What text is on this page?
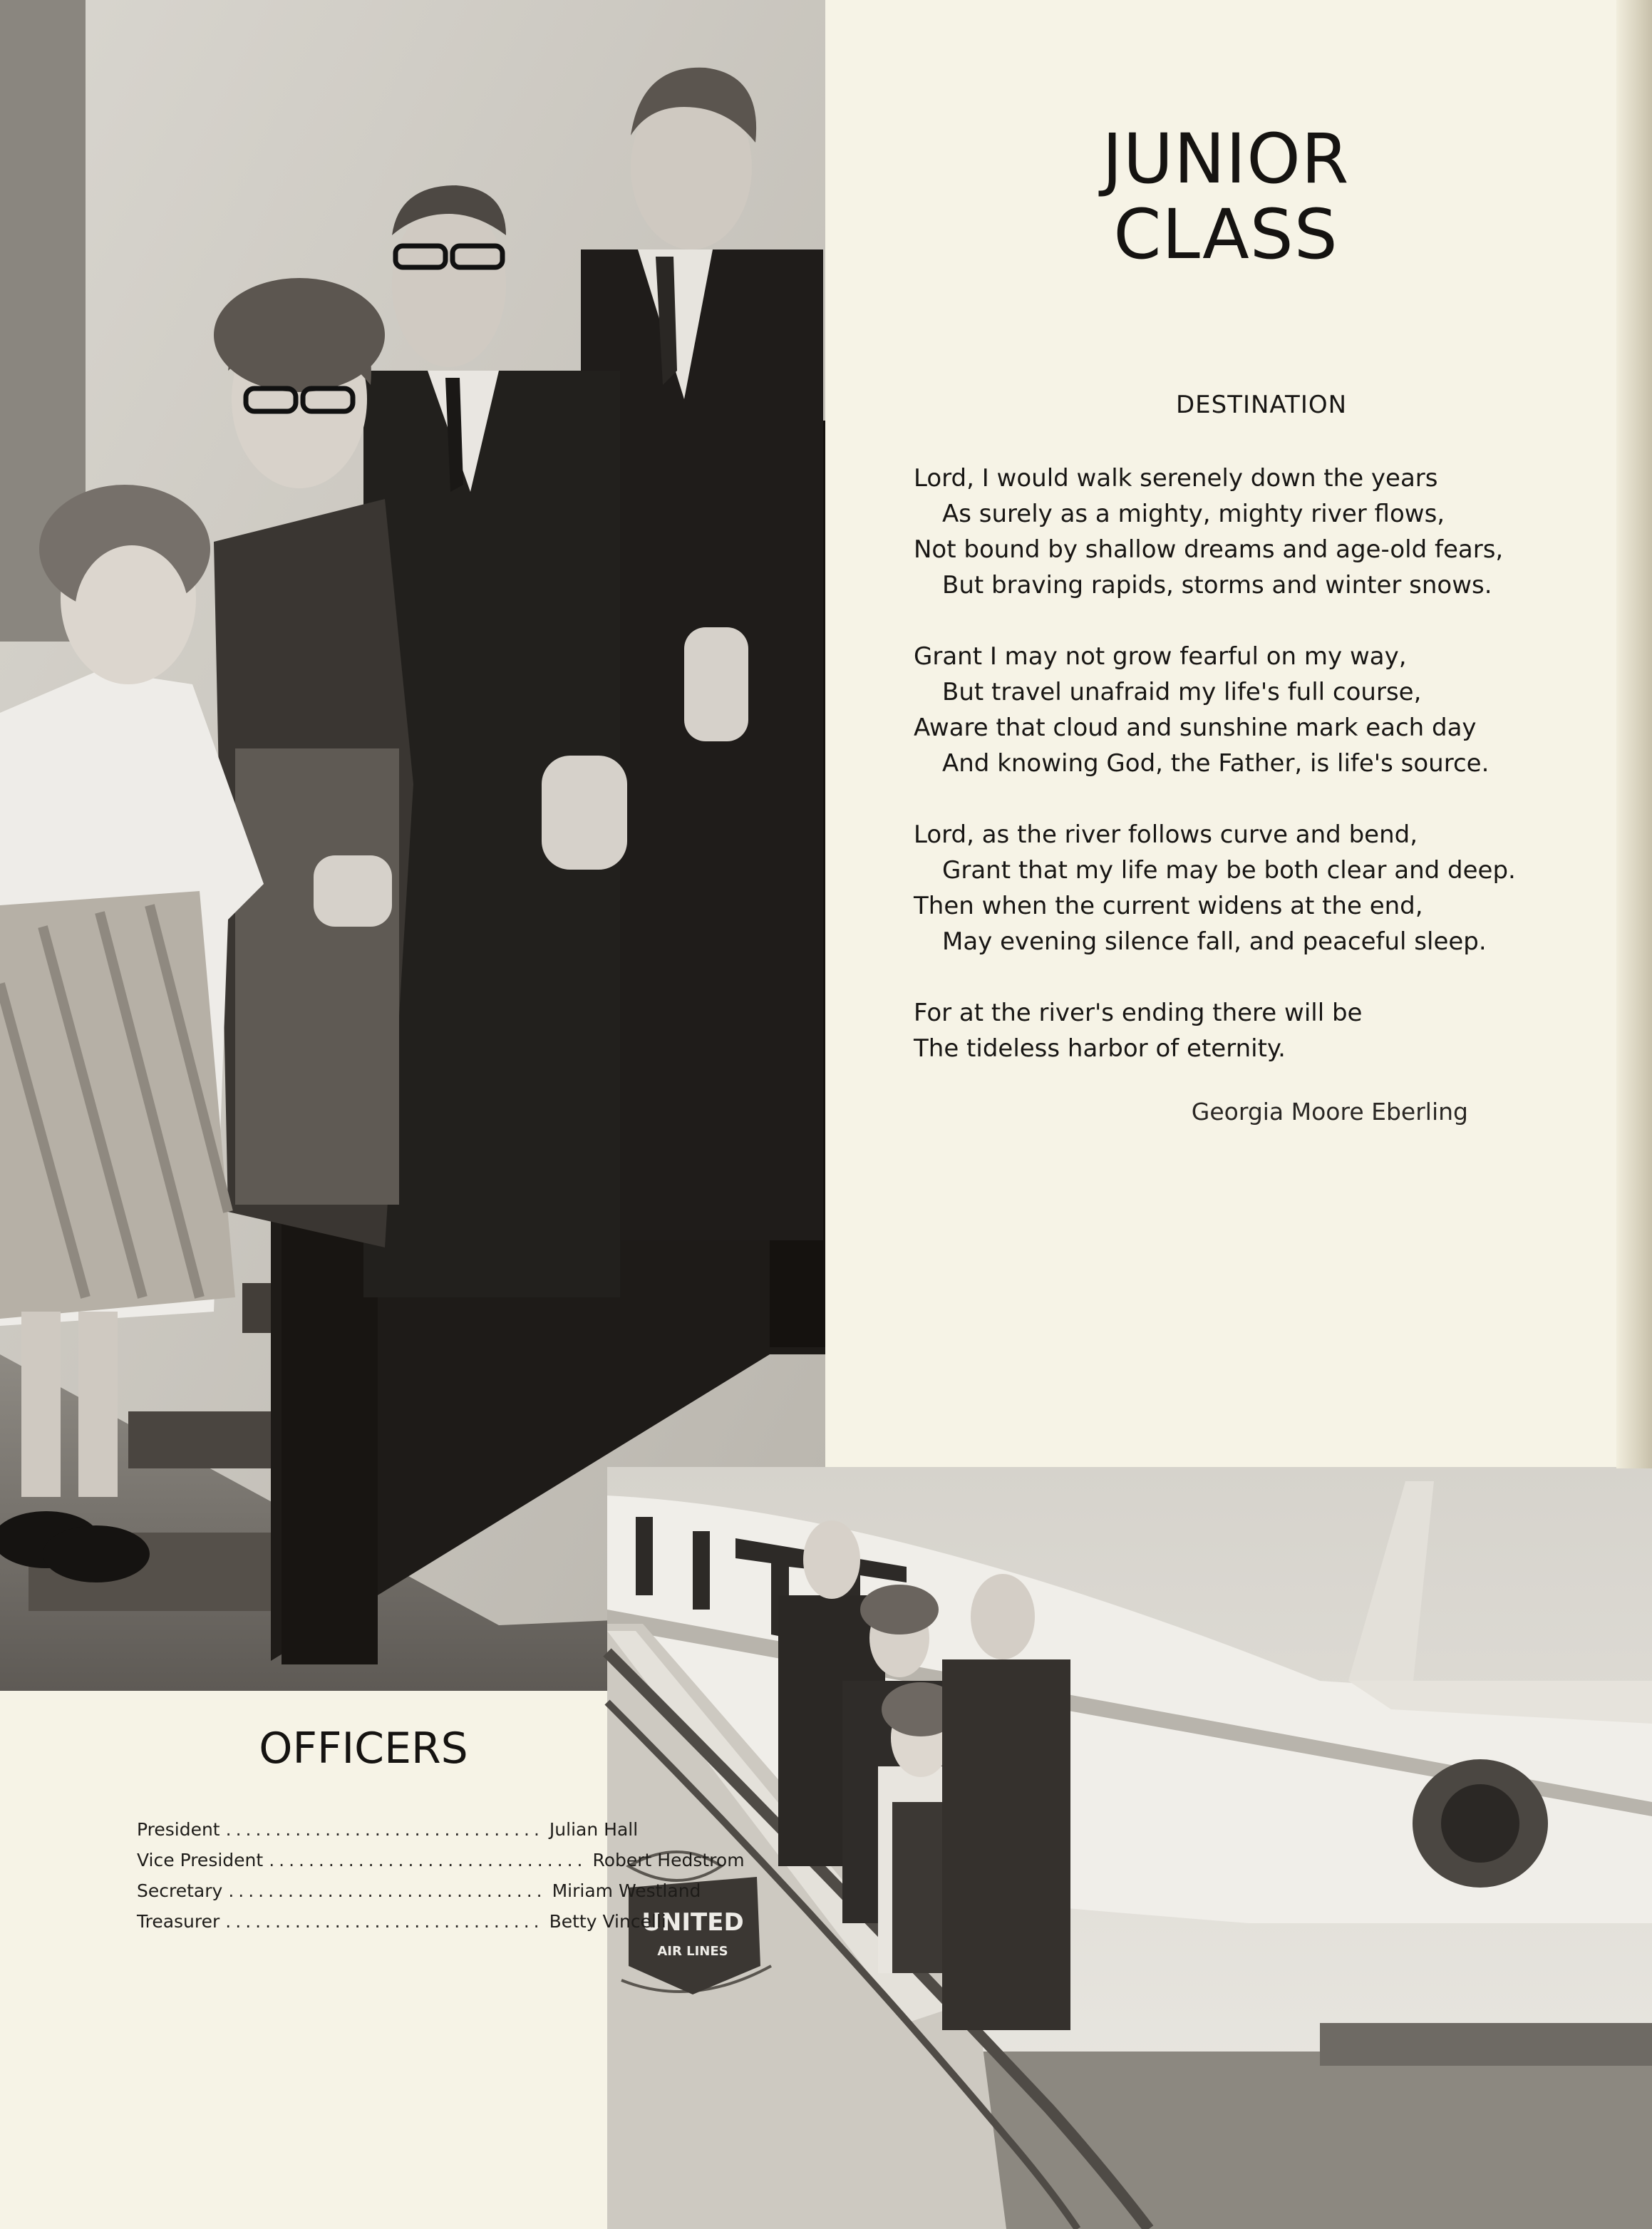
UNITED
AIR LINES
JUNIOR
CLASS
DESTINATION
Lord, I would walk serenely down the years
As surely as a mighty, mighty river flows,
Not bound by shallow dreams and age-old fears,
But braving rapids, storms and winter snows.
Grant I may not grow fearful on my way,
But travel unafraid my life's full course,
Aware that cloud and sunshine mark each day
And knowing God, the Father, is life's source.
Lord, as the river follows curve and bend,
Grant that my life may be both clear and deep.
Then when the current widens at the end,
May evening silence fall, and peaceful sleep.
For at the river's ending there will be
The tideless harbor of eternity.
Georgia Moore Eberling
OFFICERS
President ................................ Julian Hall
Vice President ................................ Robert Hedstrom
Secretary ................................ Miriam Westland
Treasurer ................................ Betty Vincelli
